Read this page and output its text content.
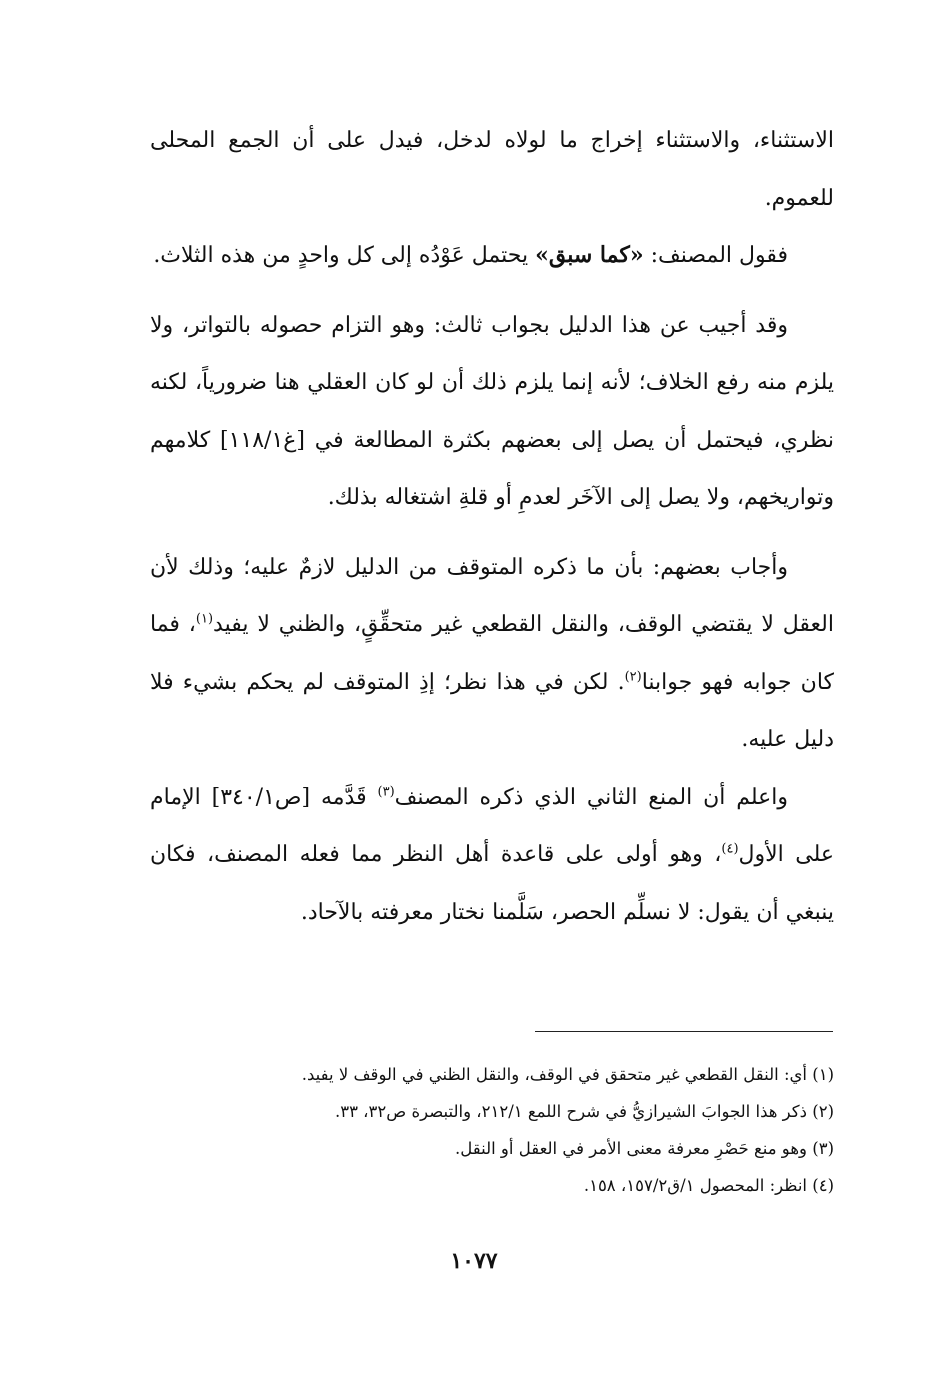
الاستثناء، والاستثناء إخراج ما لولاه لدخل، فيدل على أن الجمع المحلى للعموم.

فقول المصنف: «كما سبق» يحتمل عَوْدُه إلى كل واحدٍ من هذه الثلاث.

وقد أجيب عن هذا الدليل بجواب ثالث: وهو التزام حصوله بالتواتر، ولا يلزم منه رفع الخلاف؛ لأنه إنما يلزم ذلك أن لو كان العقلي هنا ضرورياً، لكنه نظري، فيحتمل أن يصل إلى بعضهم بكثرة المطالعة في [غ١١٨/١] كلامهم وتواريخهم، ولا يصل إلى الآخَر لعدمِ أو قلةِ اشتغاله بذلك.

وأجاب بعضهم: بأن ما ذكره المتوقف من الدليل لازمٌ عليه؛ وذلك لأن العقل لا يقتضي الوقف، والنقل القطعي غير متحقِّقٍ، والظني لا يفيد$^{(١)}$، فما كان جوابه فهو جوابنا$^{(٢)}$. لكن في هذا نظر؛ إذِ المتوقف لم يحكم بشيء فلا دليل عليه.

واعلم أن المنع الثاني الذي ذكره المصنف$^{(٣)}$ قَدَّمه [ص٣٤٠/١] الإمام على الأول$^{(٤)}$، وهو أولى على قاعدة أهل النظر مما فعله المصنف، فكان ينبغي أن يقول: لا نسلِّم الحصر، سَلَّمنا نختار معرفته بالآحاد.

(١) أي: النقل القطعي غير متحقق في الوقف، والنقل الظني في الوقف لا يفيد.
(٢) ذكر هذا الجوابَ الشيرازيُّ في شرح اللمع ٢١٢/١، والتبصرة ص٣٢، ٣٣.
(٣) وهو منع حَصْرِ معرفة معنى الأمر في العقل أو النقل.
(٤) انظر: المحصول ١/ق١٥٧/٢، ١٥٨.
١٠٧٧
